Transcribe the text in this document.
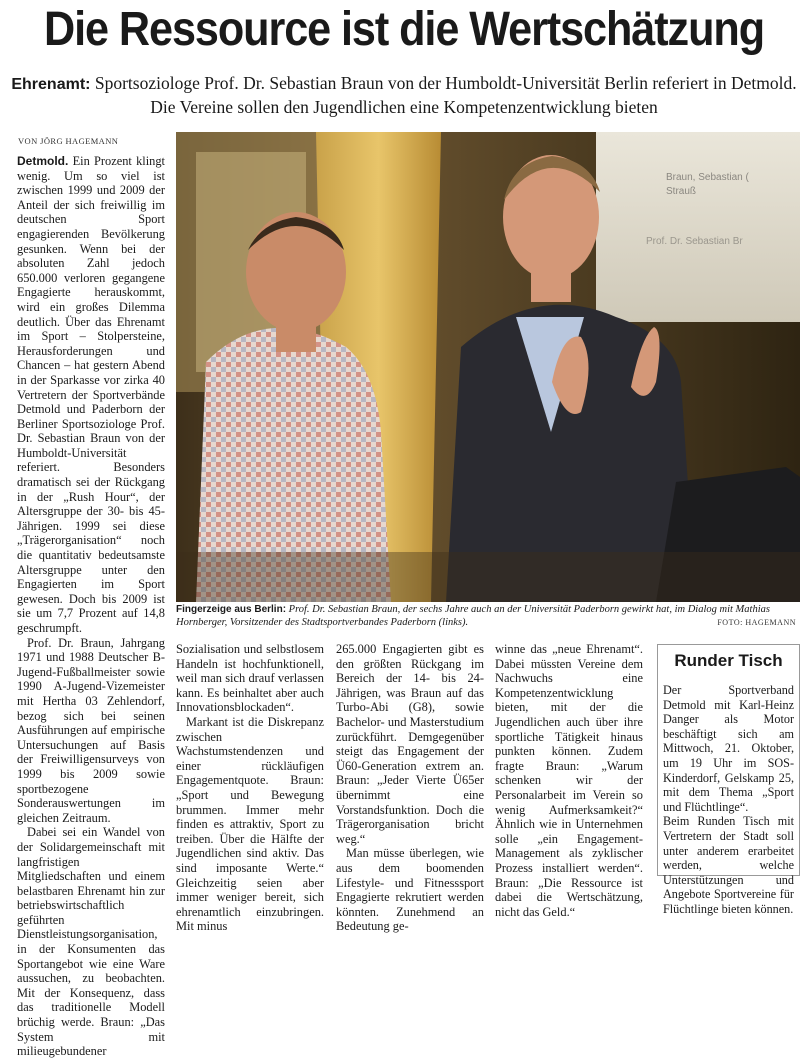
Die Ressource ist die Wertschätzung
Ehrenamt: Sportsoziologe Prof. Dr. Sebastian Braun von der Humboldt-Universität Berlin referiert in Detmold.
Die Vereine sollen den Jugendlichen eine Kompetenzentwicklung bieten
VON JÖRG HAGEMANN

Detmold. Ein Prozent klingt wenig. Um so viel ist zwischen 1999 und 2009 der Anteil der sich freiwillig im deutschen Sport engagierenden Bevölkerung gesunken. Wenn bei der absoluten Zahl jedoch 650.000 verloren gegangene Engagierte herauskommt, wird ein großes Dilemma deutlich. Über das Ehrenamt im Sport – Stolpersteine, Herausforderungen und Chancen – hat gestern Abend in der Sparkasse vor zirka 40 Vertretern der Sportverbände Detmold und Paderborn der Berliner Sportsoziologe Prof. Dr. Sebastian Braun von der Humboldt-Universität referiert. Besonders dramatisch sei der Rückgang in der „Rush Hour“, der Altersgruppe der 30- bis 45-Jährigen. 1999 sei diese „Trägerorganisation“ noch die quantitativ bedeutsamste Altersgruppe unter den Engagierten im Sport gewesen. Doch bis 2009 ist sie um 7,7 Prozent auf 14,8 geschrumpft.

Prof. Dr. Braun, Jahrgang 1971 und 1988 Deutscher B-Jugend-Fußballmeister sowie 1990 A-Jugend-Vizemeister mit Hertha 03 Zehlendorf, bezog sich bei seinen Ausführungen auf empirische Untersuchungen auf Basis der Freiwilligensurveys von 1999 bis 2009 sowie sportbezogene Sonderauswertungen im gleichen Zeitraum.

Dabei sei ein Wandel von der Solidargemeinschaft mit langfristigen Mitgliedschaften und einem belastbaren Ehrenamt hin zur betriebswirtschaftlich geführten Dienstleistungsorganisation, in der Konsumenten das Sportangebot wie eine Ware aussuchen, zu beobachten. Mit der Konsequenz, dass das traditionelle Modell brüchig werde. Braun: „Das System mit milieugebundener

Braun, Sebastian (
Strauß
Prof. Dr. Sebastian Br
Fingerzeige aus Berlin: Prof. Dr. Sebastian Braun, der sechs Jahre auch an der Universität Paderborn gewirkt hat, im Dialog mit Mathias Hornberger, Vorsitzender des Stadtsportverbandes Paderborn (links).	FOTO: HAGEMANN

Sozialisation und selbstlosem Handeln ist hochfunktionell, weil man sich drauf verlassen kann. Es beinhaltet aber auch Innovationsblockaden“.

Markant ist die Diskrepanz zwischen Wachstumstendenzen und einer rückläufigen Engagementquote. Braun: „Sport und Bewegung brummen. Immer mehr finden es attraktiv, Sport zu treiben. Über die Hälfte der Jugendlichen sind aktiv. Das sind imposante Werte.“ Gleichzeitig seien aber immer weniger bereit, sich ehrenamtlich einzubringen. Mit minus

265.000 Engagierten gibt es den größten Rückgang im Bereich der 14- bis 24-Jährigen, was Braun auf das Turbo-Abi (G8), sowie Bachelor- und Masterstudium zurückführt. Demgegenüber steigt das Engagement der Ü60-Generation extrem an. Braun: „Jeder Vierte Ü65er übernimmt eine Vorstandsfunktion. Doch die Trägerorganisation bricht weg.“

Man müsse überlegen, wie aus dem boomenden Lifestyle- und Fitnesssport Engagierte rekrutiert werden könnten. Zunehmend an Bedeutung ge-

winne das „neue Ehrenamt“. Dabei müssten Vereine dem Nachwuchs eine Kompetenzentwicklung bieten, mit der die Jugendlichen auch über ihre sportliche Tätigkeit hinaus punkten können. Zudem fragte Braun: „Warum schenken wir der Personalarbeit im Verein so wenig Aufmerksamkeit?“ Ähnlich wie in Unternehmen solle „ein Engagement-Management als zyklischer Prozess installiert werden“. Braun: „Die Ressource ist dabei die Wertschätzung, nicht das Geld.“

Runder Tisch

Der Sportverband Detmold mit Karl-Heinz Danger als Motor beschäftigt sich am Mittwoch, 21. Oktober, um 19 Uhr im SOS-Kinderdorf, Gelskamp 25, mit dem Thema „Sport und Flüchtlinge“.

Beim Runden Tisch mit Vertretern der Stadt soll unter anderem erarbeitet werden, welche Unterstützungen und Angebote Sportvereine für Flüchtlinge bieten können.
